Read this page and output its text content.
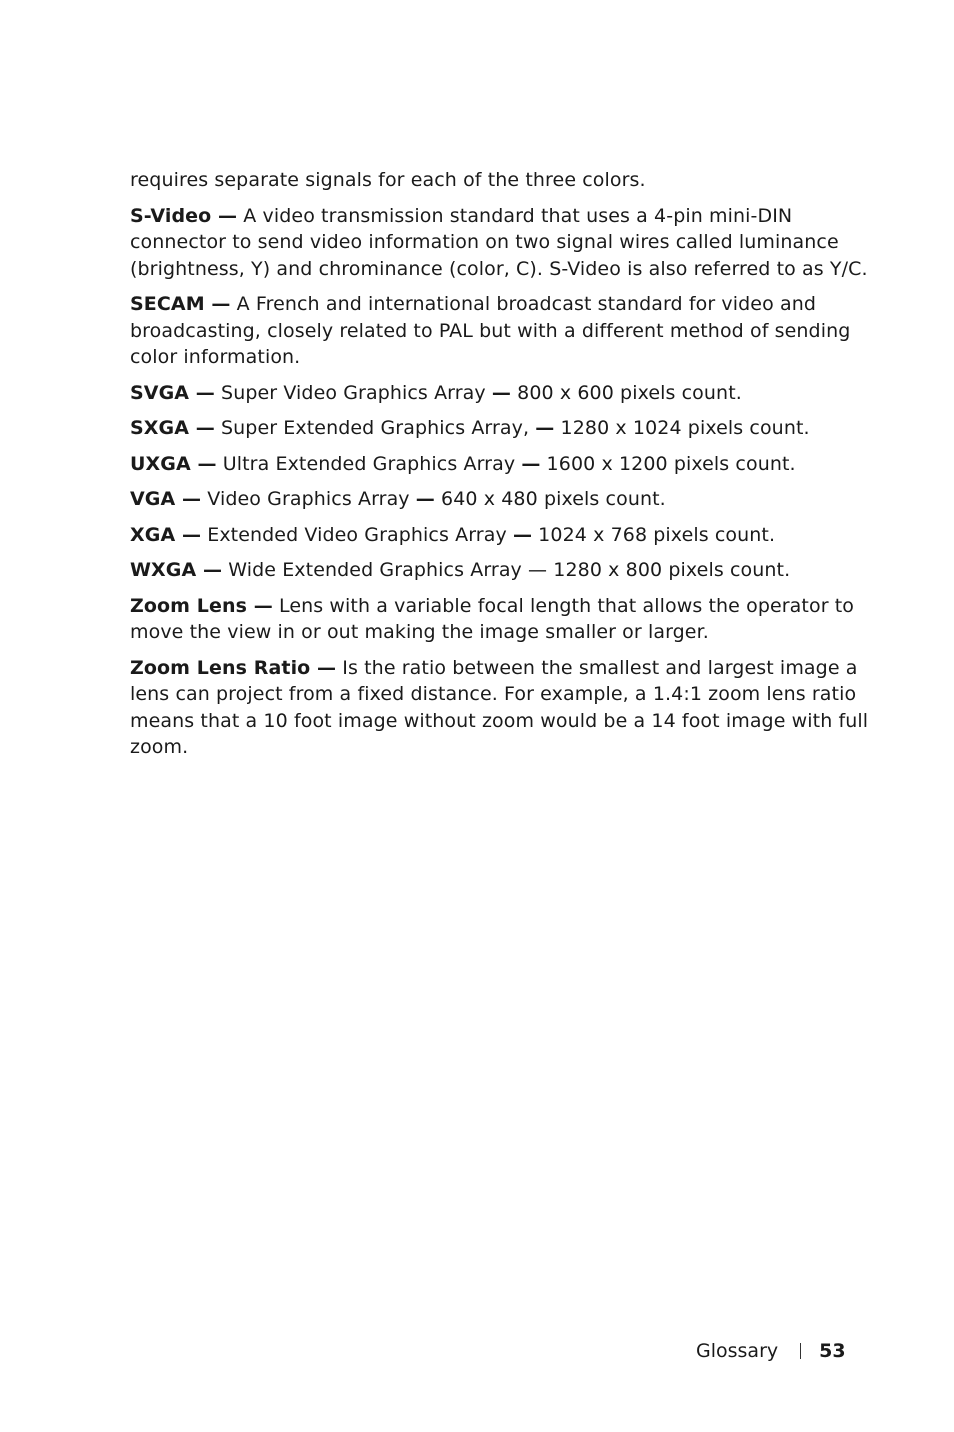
requires separate signals for each of the three colors.

S-Video — A video transmission standard that uses a 4-pin mini-DIN connector to send video information on two signal wires called luminance (brightness, Y) and chrominance (color, C). S-Video is also referred to as Y/C.

SECAM — A French and international broadcast standard for video and broadcasting, closely related to PAL but with a different method of sending color information.

SVGA — Super Video Graphics Array — 800 x 600 pixels count.

SXGA — Super Extended Graphics Array, — 1280 x 1024 pixels count.

UXGA — Ultra Extended Graphics Array — 1600 x 1200 pixels count.

VGA — Video Graphics Array — 640 x 480 pixels count.

XGA — Extended Video Graphics Array — 1024 x 768 pixels count.

WXGA — Wide Extended Graphics Array — 1280 x 800 pixels count.

Zoom Lens — Lens with a variable focal length that allows the operator to move the view in or out making the image smaller or larger.

Zoom Lens Ratio — Is the ratio between the smallest and largest image a lens can project from a fixed distance. For example, a 1.4:1 zoom lens ratio means that a 10 foot image without zoom would be a 14 foot image with full zoom.

Glossary 53
